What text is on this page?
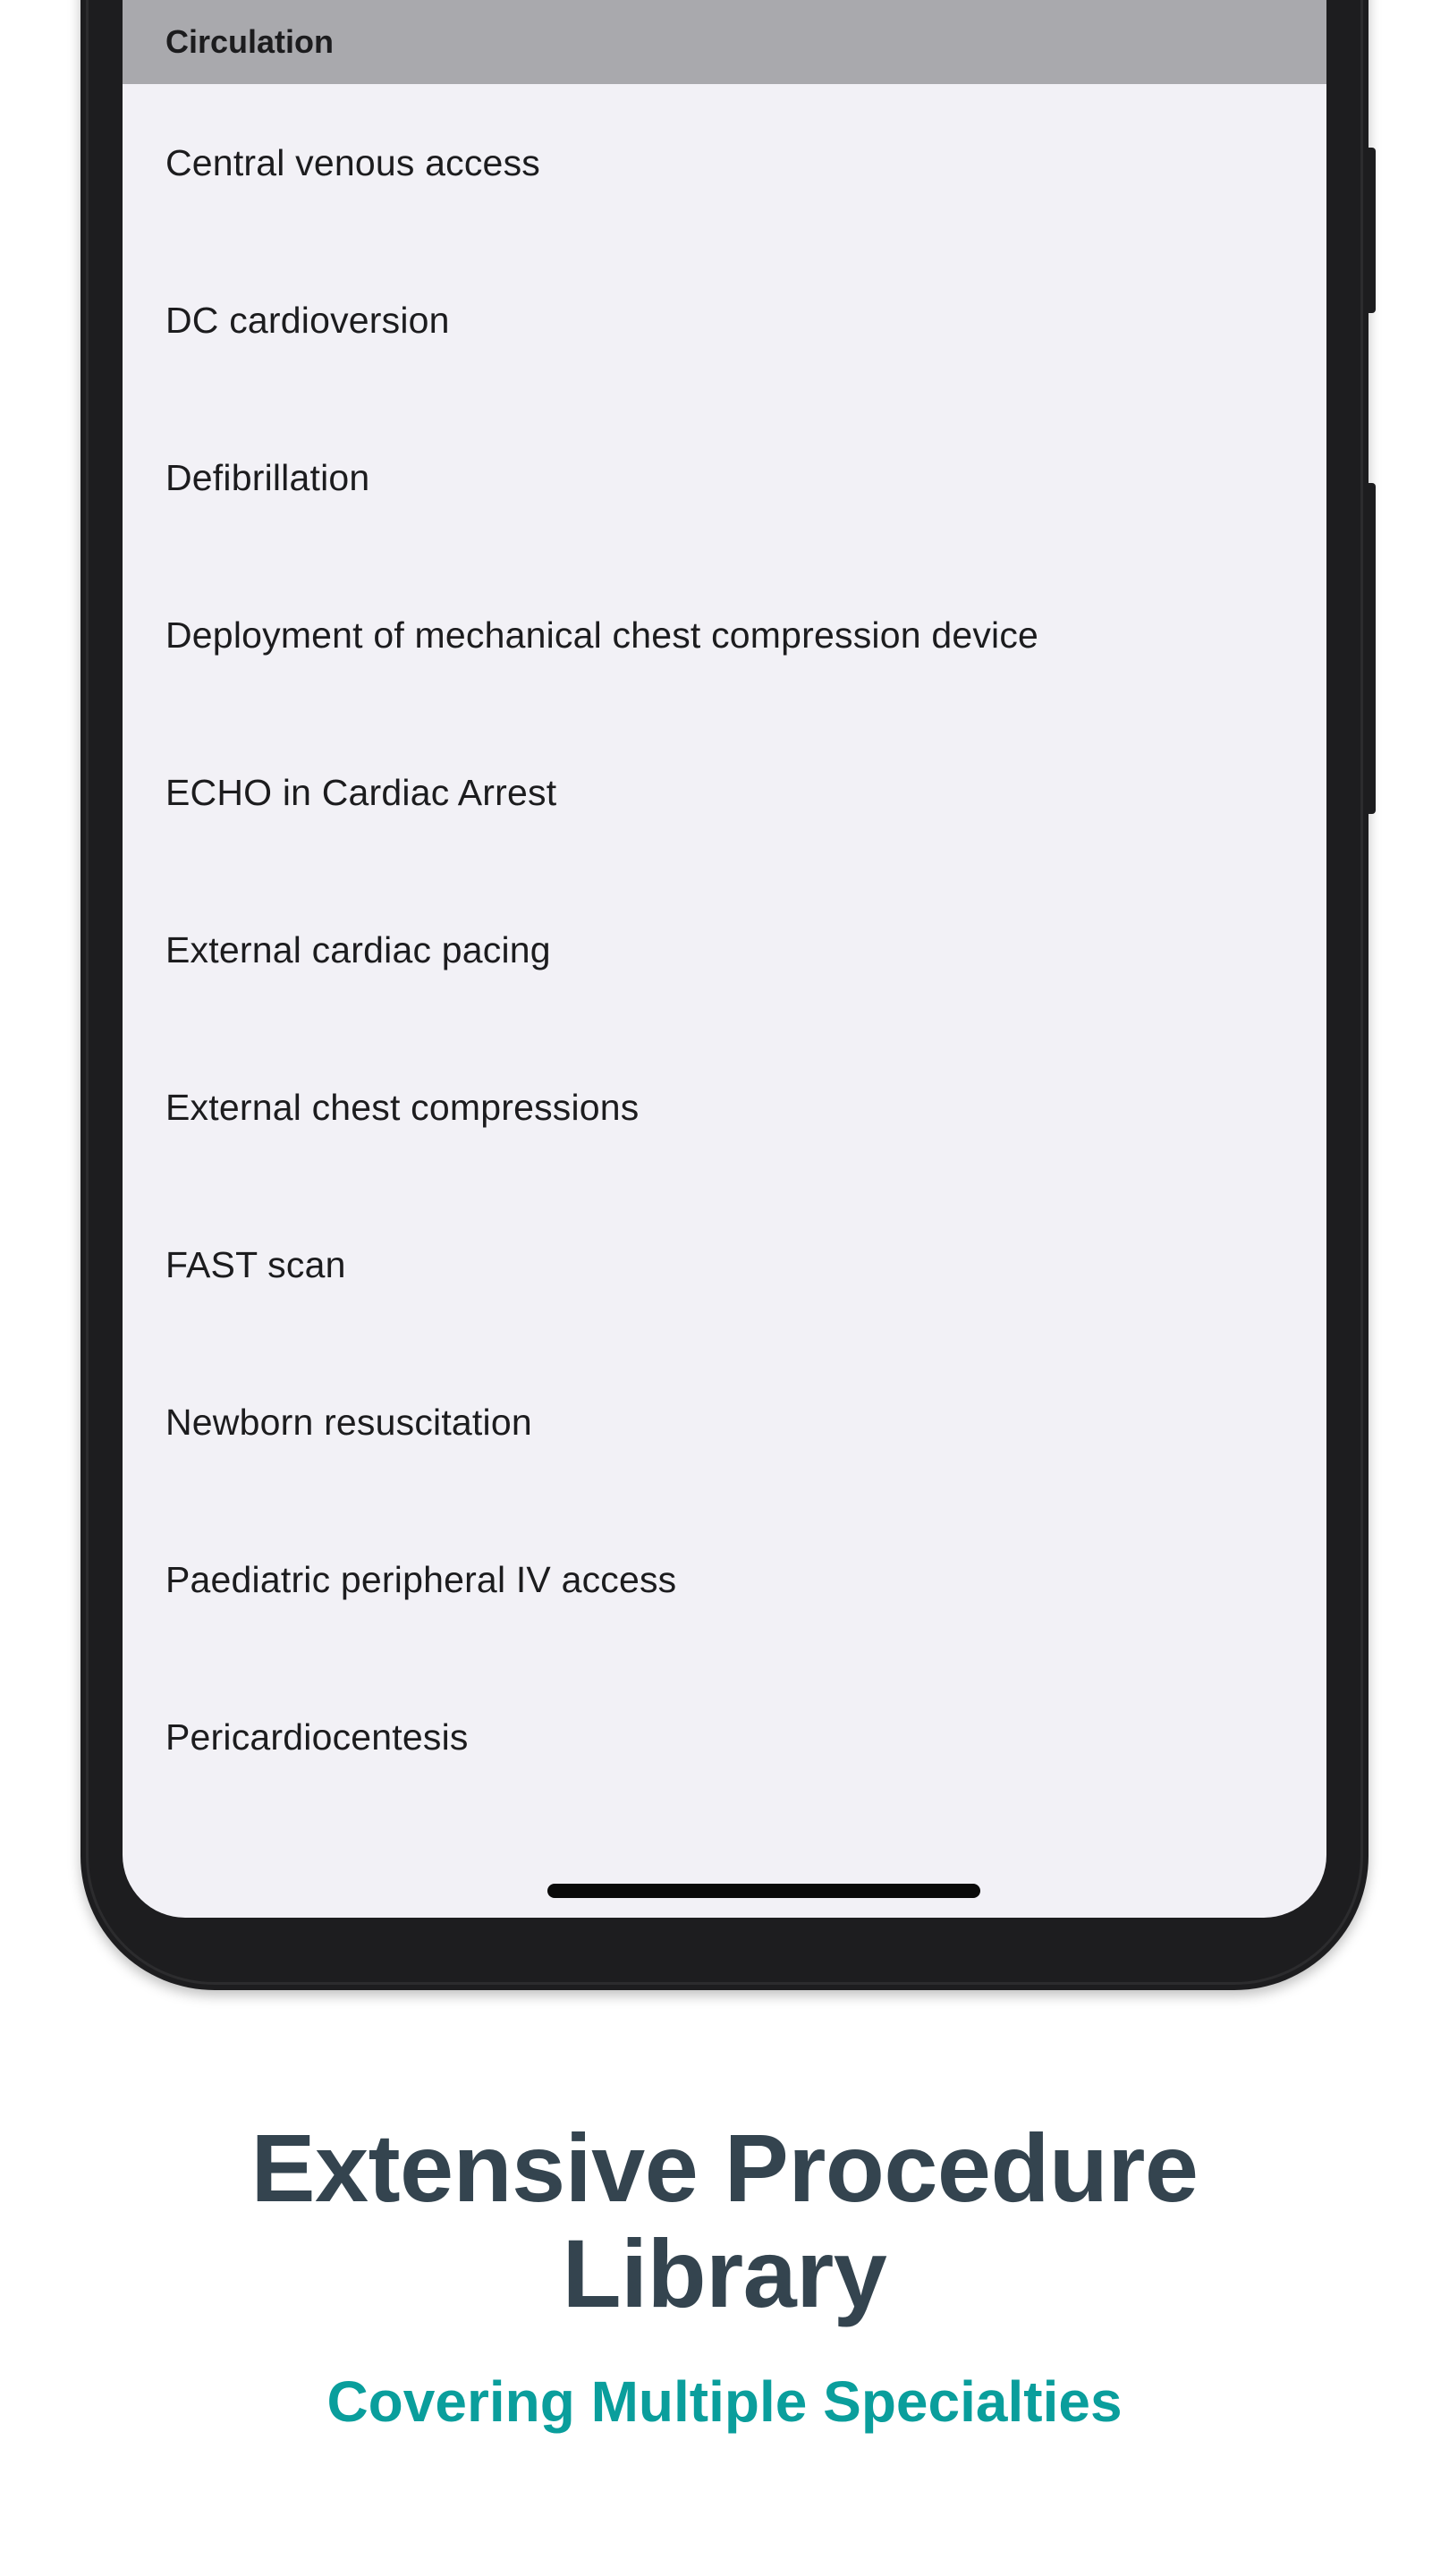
Circulation
Central venous access
DC cardioversion
Defibrillation
Deployment of mechanical chest compression device
ECHO in Cardiac Arrest
External cardiac pacing
External chest compressions
FAST scan
Newborn resuscitation
Paediatric peripheral IV access
Pericardiocentesis
Extensive Procedure
Library
Covering Multiple Specialties
